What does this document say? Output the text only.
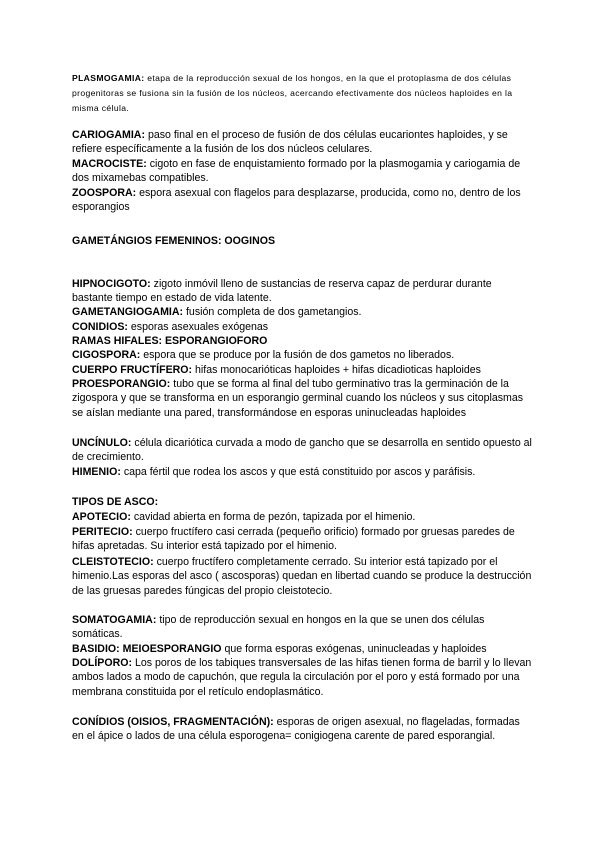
PLASMOGAMIA: etapa de la reproducción sexual de los hongos, en la que el protoplasma de dos células progenitoras se fusiona sin la fusión de los núcleos, acercando efectivamente dos núcleos haploides en la misma célula.
CARIOGAMIA: paso final en el proceso de fusión de dos células eucariontes haploides, y se refiere específicamente a la fusión de los dos núcleos celulares.
MACROCISTE: cigoto en fase de enquistamiento formado por la plasmogamia y cariogamia de dos mixamebas compatibles.
ZOOSPORA: espora asexual con flagelos para desplazarse, producida, como no, dentro de los esporangios
GAMETÁNGIOS FEMENINOS: OOGINOS
HIPNOCIGOTO: zigoto inmóvil lleno de sustancias de reserva capaz de perdurar durante bastante tiempo en estado de vida latente.
GAMETANGIOGAMIA: fusión completa de dos gametangios.
CONIDIOS: esporas asexuales exógenas
RAMAS HIFALES: ESPORANGIOFORO
CIGOSPORA: espora que se produce por la fusión de dos gametos no liberados.
CUERPO FRUCTÍFERO: hifas monocarióticas haploides + hifas dicadioticas haploides
PROESPORANGIO: tubo que se forma al final del tubo germinativo tras la germinación de la zigospora y que se transforma en un esporangio germinal cuando los núcleos y sus citoplasmas se aíslan mediante una pared, transformándose en esporas uninucleadas haploides
UNCÍNULO: célula dicariótica curvada a modo de gancho que se desarrolla en sentido opuesto al de crecimiento.
HIMENIO: capa fértil que rodea los ascos y que está constituido por ascos y paráfisis.
TIPOS DE ASCO:
APOTECIO: cavidad abierta en forma de pezón, tapizada por el himenio.
PERITECIO: cuerpo fructífero casi cerrada (pequeño orificio) formado por gruesas paredes de hifas apretadas. Su interior está tapizado por el himenio.
CLEISTOTECIO: cuerpo fructífero completamente cerrado. Su interior está tapizado por el himenio.Las esporas del asco ( ascosporas) quedan en libertad cuando se produce la destrucción de las gruesas paredes fúngicas del propio cleistotecio.
SOMATOGAMIA: tipo de reproducción sexual en hongos en la que se unen dos células somáticas.
BASIDIO: MEIOESPORANGIO que forma esporas exógenas, uninucleadas y haploides
DOLÍPORO: Los poros de los tabiques transversales de las hifas tienen forma de barril y lo llevan ambos lados a modo de capuchón, que regula la circulación por el poro y está formado por una membrana constituida por el retículo endoplasmático.
CONÍDIOS (OISIOS, FRAGMENTACIÓN): esporas de origen asexual, no flageladas, formadas en el ápice o lados de una célula esporogena= conigiogena carente de pared esporangial.
